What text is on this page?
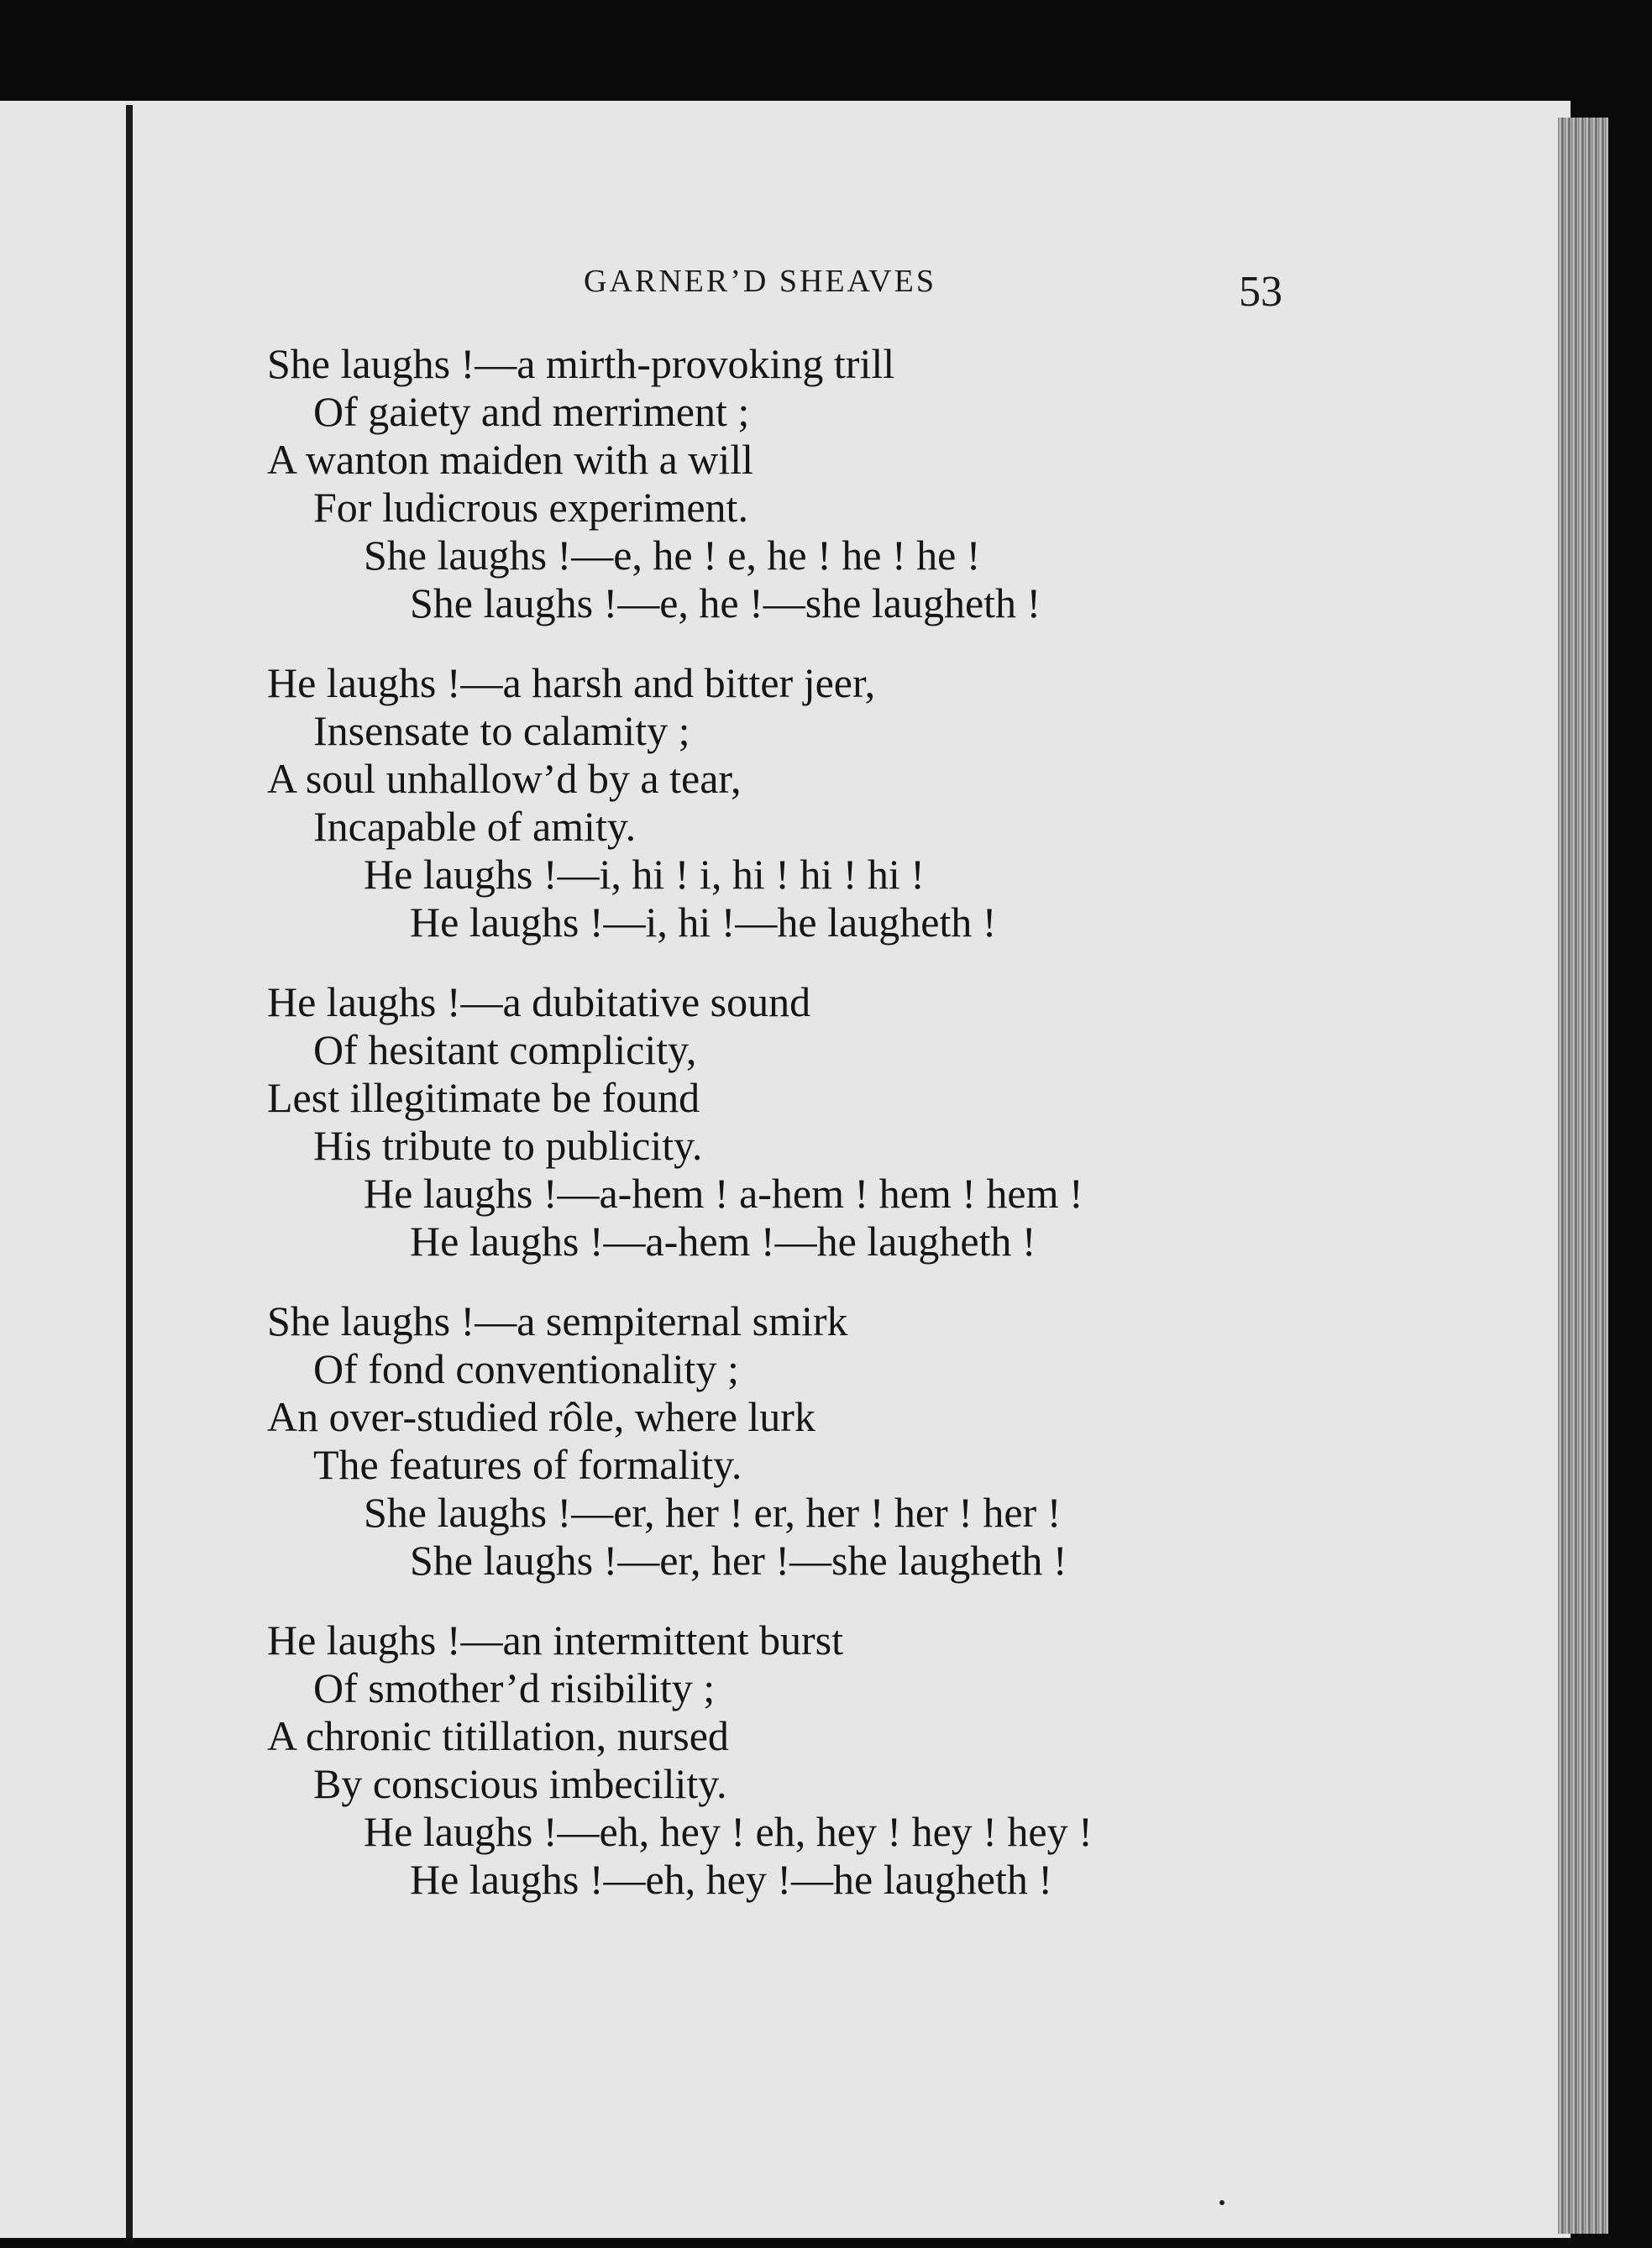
GARNER’D SHEAVES	53
She laughs !—a mirth-provoking trill
Of gaiety and merriment ;
A wanton maiden with a will
For ludicrous experiment.
She laughs !—e, he ! e, he ! he ! he !
She laughs !—e, he !—she laugheth !
He laughs !—a harsh and bitter jeer,
Insensate to calamity ;
A soul unhallow’d by a tear,
Incapable of amity.
He laughs !—i, hi ! i, hi ! hi ! hi !
He laughs !—i, hi !—he laugheth !
He laughs !—a dubitative sound
Of hesitant complicity,
Lest illegitimate be found
His tribute to publicity.
He laughs !—a-hem ! a-hem ! hem ! hem !
He laughs !—a-hem !—he laugheth !
She laughs !—a sempiternal smirk
Of fond conventionality ;
An over-studied rôle, where lurk
The features of formality.
She laughs !—er, her ! er, her ! her ! her !
She laughs !—er, her !—she laugheth !
He laughs !—an intermittent burst
Of smother’d risibility ;
A chronic titillation, nursed
By conscious imbecility.
He laughs !—eh, hey ! eh, hey ! hey ! hey !
He laughs !—eh, hey !—he laugheth !
